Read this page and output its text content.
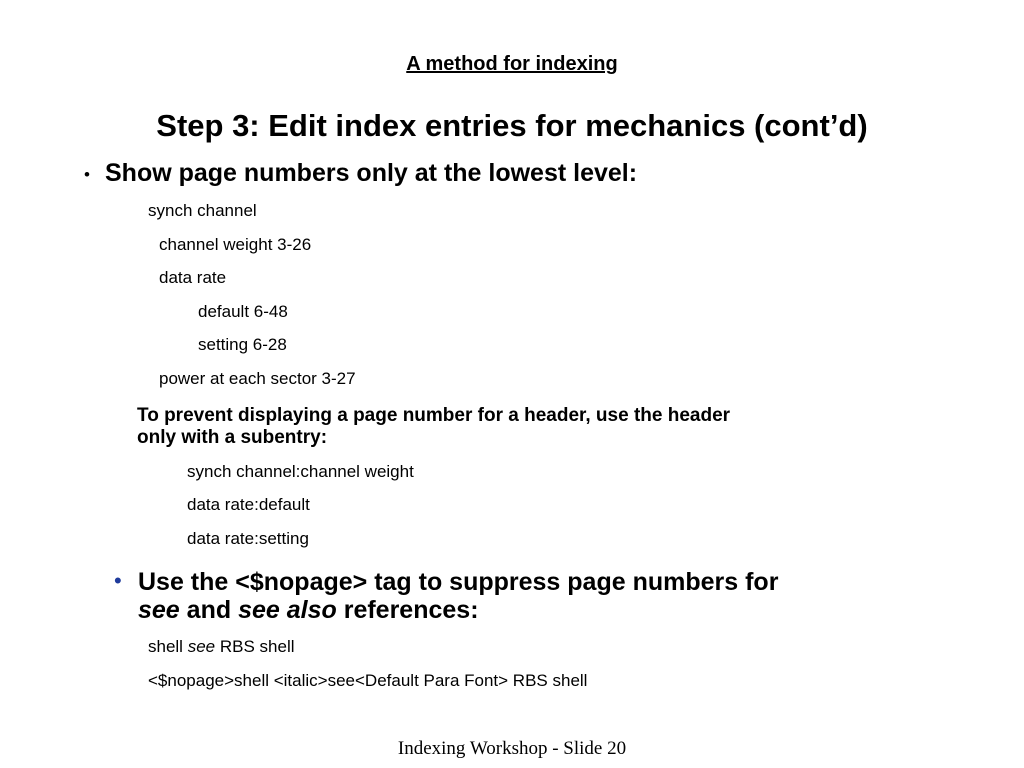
A method for indexing
Step 3: Edit index entries for mechanics (cont’d)
• Show page numbers only at the lowest level:
synch channel
channel weight 3-26
data rate
default 6-48
setting 6-28
power at each sector 3-27
To prevent displaying a page number for a header, use the header
only with a subentry:
synch channel:channel weight
data rate:default
data rate:setting
• Use the <$nopage> tag to suppress page numbers for
see and see also references:
shell see RBS shell
<$nopage>shell <italic>see<Default Para Font> RBS shell
Indexing Workshop - Slide 20
